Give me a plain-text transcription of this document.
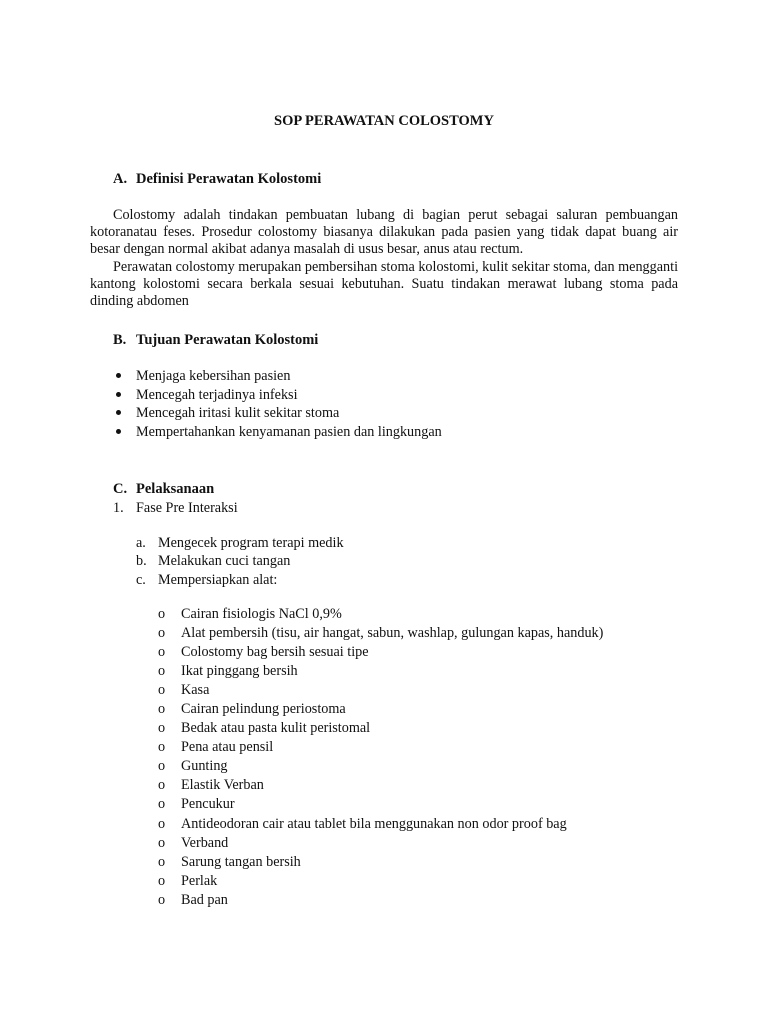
SOP PERAWATAN COLOSTOMY
A. Definisi Perawatan Kolostomi

Colostomy adalah tindakan pembuatan lubang di bagian perut sebagai saluran pembuangan kotoranatau feses. Prosedur colostomy biasanya dilakukan pada pasien yang tidak dapat buang air besar dengan normal akibat adanya masalah di usus besar, anus atau rectum.

Perawatan colostomy merupakan pembersihan stoma kolostomi, kulit sekitar stoma, dan mengganti kantong kolostomi secara berkala sesuai kebutuhan. Suatu tindakan merawat lubang stoma pada dinding abdomen

B. Tujuan Perawatan Kolostomi
Menjaga kebersihan pasien
Mencegah terjadinya infeksi
Mencegah iritasi kulit sekitar stoma
Mempertahankan kenyamanan pasien dan lingkungan
C. Pelaksanaan
1. Fase Pre Interaksi
a. Mengecek program terapi medik
b. Melakukan cuci tangan
c. Mempersiapkan alat:
o Cairan fisiologis NaCl 0,9%
o Alat pembersih (tisu, air hangat, sabun, washlap, gulungan kapas, handuk)
o Colostomy bag bersih sesuai tipe
o Ikat pinggang bersih
o Kasa
o Cairan pelindung periostoma
o Bedak atau pasta kulit peristomal
o Pena atau pensil
o Gunting
o Elastik Verban
o Pencukur
o Antideodoran cair atau tablet bila menggunakan non odor proof bag
o Verband
o Sarung tangan bersih
o Perlak
o Bad pan
